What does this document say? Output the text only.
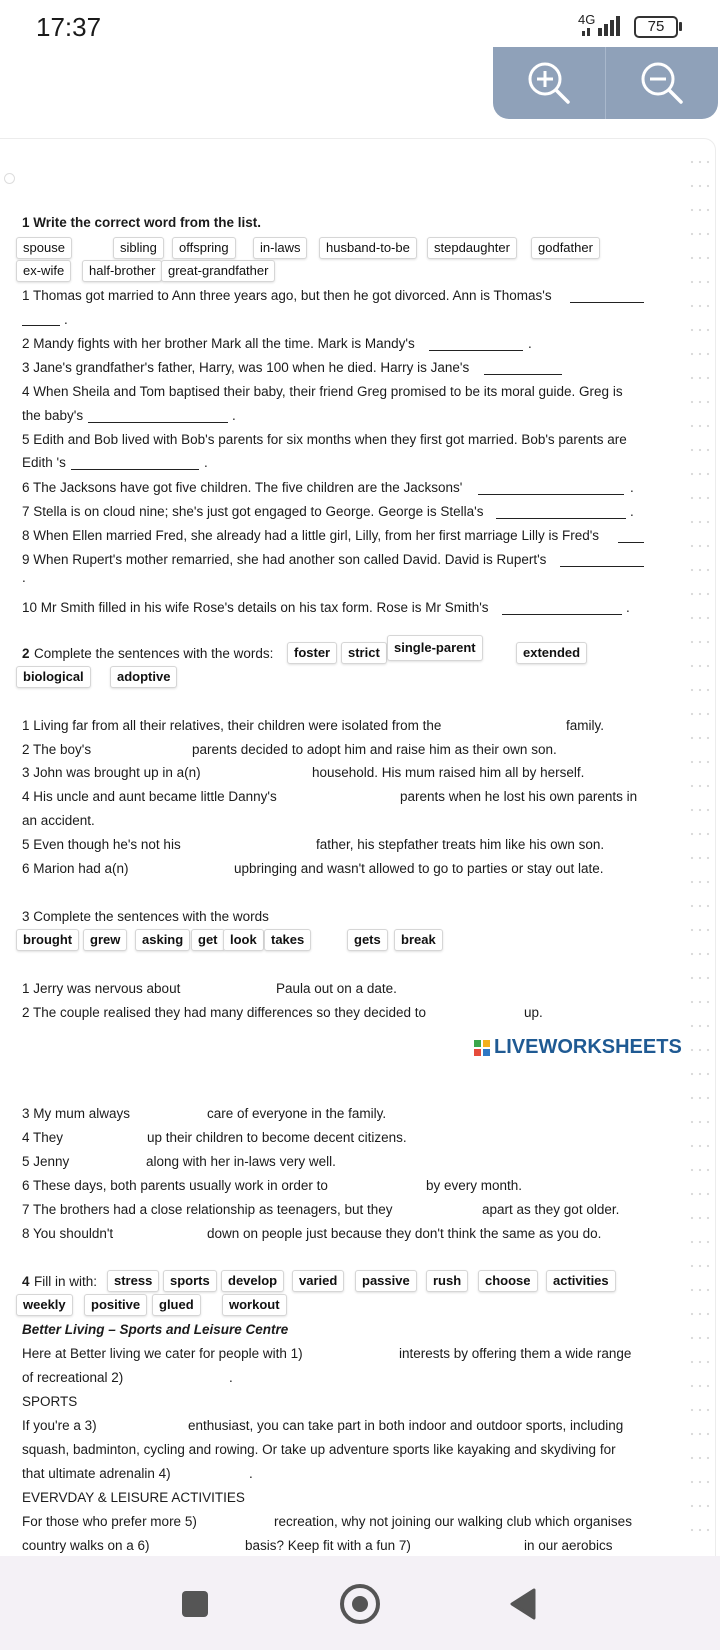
17:37	4G	75
1 Write the correct word from the list.
spouse	sibling	offspring	in-laws	husband-to-be	stepdaughter	godfather
ex-wife	half-brother great-grandfather
1 Thomas got married to Ann three years ago, but then he got divorced. Ann is Thomas's
.
2 Mandy fights with her brother Mark all the time. Mark is Mandy's	.
3 Jane's grandfather's father, Harry, was 100 when he died. Harry is Jane's
4 When Sheila and Tom baptised their baby, their friend Greg promised to be its moral guide. Greg is
the baby's	.
5 Edith and Bob lived with Bob's parents for six months when they first got married. Bob's parents are
Edith 's	.
6 The Jacksons have got five children. The five children are the Jacksons'	.
7 Stella is on cloud nine; she's just got engaged to George. George is Stella's	.
8 When Ellen married Fred, she already had a little girl, Lilly, from her first marriage Lilly is Fred's
9 When Rupert's mother remarried, she had another son called David. David is Rupert's
.
10 Mr Smith filled in his wife Rose's details on his tax form. Rose is Mr Smith's	.
2 Complete the sentences with the words:	foster	strict	single-parent	extended
biological	adoptive
1 Living far from all their relatives, their children were isolated from the	family.
2 The boy's	parents decided to adopt him and raise him as their own son.
3 John was brought up in a(n)	household. His mum raised him all by herself.
4 His uncle and aunt became little Danny's	parents when he lost his own parents in
an accident.
5 Even though he's not his	father, his stepfather treats him like his own son.
6 Marion had a(n)	upbringing and wasn't allowed to go to parties or stay out late.
3 Complete the sentences with the words
brought	grew	asking	get look	takes	gets	break
1 Jerry was nervous about	Paula out on a date.
2 The couple realised they had many differences so they decided to	up.
LIVEWORKSHEETS
3 My mum always	care of everyone in the family.
4 They	up their children to become decent citizens.
5 Jenny	along with her in-laws very well.
6 These days, both parents usually work in order to	by every month.
7 The brothers had a close relationship as teenagers, but they	apart as they got older.
8 You shouldn't	down on people just because they don't think the same as you do.
4 Fill in with:	stress	sports	develop	varied	passive	rush	choose	activities
weekly	positive	glued	workout
Better Living – Sports and Leisure Centre
Here at Better living we cater for people with 1)	interests by offering them a wide range
of recreational 2)	.
SPORTS
If you're a 3)	enthusiast, you can take part in both indoor and outdoor sports, including
squash, badminton, cycling and rowing. Or take up adventure sports like kayaking and skydiving for
that ultimate adrenalin 4)	.
EVERVDAY & LEISURE ACTIVITIES
For those who prefer more 5)	recreation, why not joining our walking club which organises
country walks on a 6)	basis? Keep fit with a fun 7)	in our aerobics
